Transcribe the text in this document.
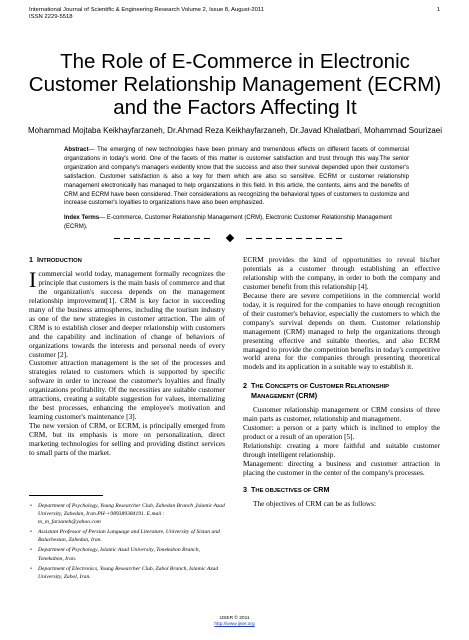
International Journal of Scientific & Engineering Research Volume 2, Issue 8, August-2011
ISSN 2229-5518
1
The Role of E-Commerce in Electronic
Customer Relationship Management (ECRM)
and the Factors Affecting It
Mohammad Mojtaba Keikhayfarzaneh, Dr.Ahmad Reza Keikhayfarzaneh, Dr.Javad Khalatbari, Mohammad Sourizaei
Abstract— The emerging of new technologies have been primary and tremendous effects on different facets of commercial organizations in today's world. One of the facets of this matter is customer satisfaction and trust through this way.The senior organization and company's managers evidently know that the success and also their survival depended upon their customer's satisfaction. Customer satisfaction is also a key for them which are also so sensitive. ECRM or customer relationship management electronically has managed to help organizations in this field. In this article, the contents, aims and the benefits of CRM and ECRM have been considered. Their considerations as recognizing the behavioral types of customers to customize and increase customer's loyalties to organizations have also been emphasized.
Index Terms— E-commerce, Customer Relationship Management (CRM), Electronic Customer Relationship Management (ECRM).
1 INTRODUCTION

I commercial world today, management formally recognizes the principle that customers is the main basis of commerce and that the organization's success depends on the management relationship improvement[1]. CRM is key factor in succeeding many of the business atmospheres, including the tourism industry as one of the new strategies in customer attraction. The aim of CRM is to establish closer and deeper relationship with customers and the capability and inclination of change of behaviors of organizations towards the interests and personal needs of every customer [2].

Customer attraction management is the set of the processes and strategies related to customers which is supported by specific software in order to increase the customer's loyalties and finally organizations profitability. Of the necessities are suitable customer attractions, creating a suitable suggestion for values, internalizing the best processes, enhancing the employee's motivation and learning customer's maintenance [3].

The new version of CRM, or ECRM, is principally emerged from CRM, but its emphasis is more on personalization, direct marketing technologies for selling and providing distinct services to small parts of the market.

• Department of Psychology, Young Researcher Club, Zahedan Branch ,Islamic Azad University, Zahedan, Iran.PH-+989389384191. E.mail : m_m_farzaneh@yahoo.com
• Assistant Professor of Persian Language and Literature, University of Sistan and Baluchestan, Zahedan, Iran.
• Department of Psychology, Islamic Azad University, Tonekabon Branch, Tonekabon, Iran.
• Department of Electronics, Young Researcher Club, Zabol Branch, Islamic Azad University, Zabol, Iran.

ECRM provides the kind of opportunities to reveal his/her potentials as a customer through establishing an effective relationship with the company, in order to both the company and customer benefit from this relationship [4].

Because there are severe competitions in the commercial world today, it is required for the companies to have enough recognition of their customer's behavior, especially the customers to which the company's survival depends on them. Customer relationship management (CRM) managed to help the organizations through presenting effective and suitable theories, and also ECRM managed to provide the competition benefits in today's competitive world arena for the companies through presenting theoretical models and its application in a suitable way to establish it.

2 THE CONCEPTS OF CUSTOMER RELATIONSHIP
MANAGEMENT (CRM)

Customer relationship management or CRM consists of three main parts as customer, relationship and management.

Customer: a person or a party which is inclined to employ the product or a result of an operation [5].

Relationship: creating a more faithful and suitable customer through intelligent relationship.

Management: directing a business and customer attraction in placing the customer in the center of the company's processes.

3 THE OBJECTIVES OF CRM

The objectives of CRM can be as follows:

IJSER © 2011
http://www.ijser.org
